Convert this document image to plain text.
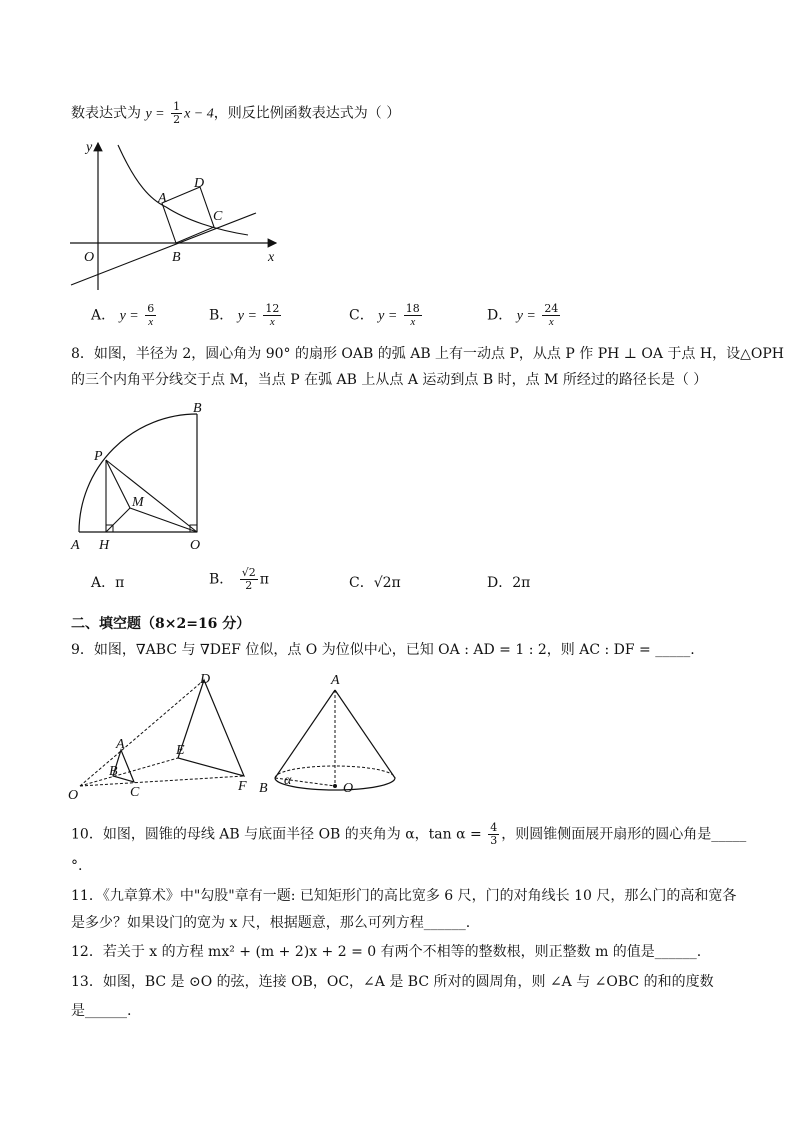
数表达式为 $y = \frac{1}{2}$ x − 4，则反比例函数表达式为（ ）
y
x
O
A
B
C
D
A． $y = \frac{6}{x}$	B． $y = \frac{12}{x}$	C． $y = \frac{18}{x}$	D． $y = \frac{24}{x}$
8．如图，半径为 2，圆心角为 90° 的扇形 OAB 的弧 AB 上有一动点 P，从点 P 作 PH ⊥ OA 于点 H，设△OPH
的三个内角平分线交于点 M，当点 P 在弧 AB 上从点 A 运动到点 B 时，点 M 所经过的路径长是（ ）
A H	O
B
P
M
A．π	B． $\frac{√2}{2}$ π	C．√2π	D．2π
二、填空题（8×2=16 分）
9．如图，∇ABC 与 ∇DEF 位似，点 O 为位似中心，已知 OA : AD = 1 : 2，则 AC : DF = _____.
O
A
B
C
D
E
F
A
B	O
α
10．如图，圆锥的母线 AB 与底面半径 OB 的夹角为 α，$\tan \alpha = \frac{4}{3}$ ，则圆锥侧面展开扇形的圆心角是_____
°.
11．《九章算术》中"勾股"章有一题: 已知矩形门的高比宽多 6 尺，门的对角线长 10 尺，那么门的高和宽各
是多少？如果设门的宽为 x 尺，根据题意，那么可列方程______.
12．若关于 x 的方程 mx² + (m + 2)x + 2 = 0 有两个不相等的整数根，则正整数 m 的值是______.
13．如图，BC 是 ⊙O 的弦，连接 OB，OC，∠A 是 BC 所对的圆周角，则 ∠A 与 ∠OBC 的和的度数
是______.
